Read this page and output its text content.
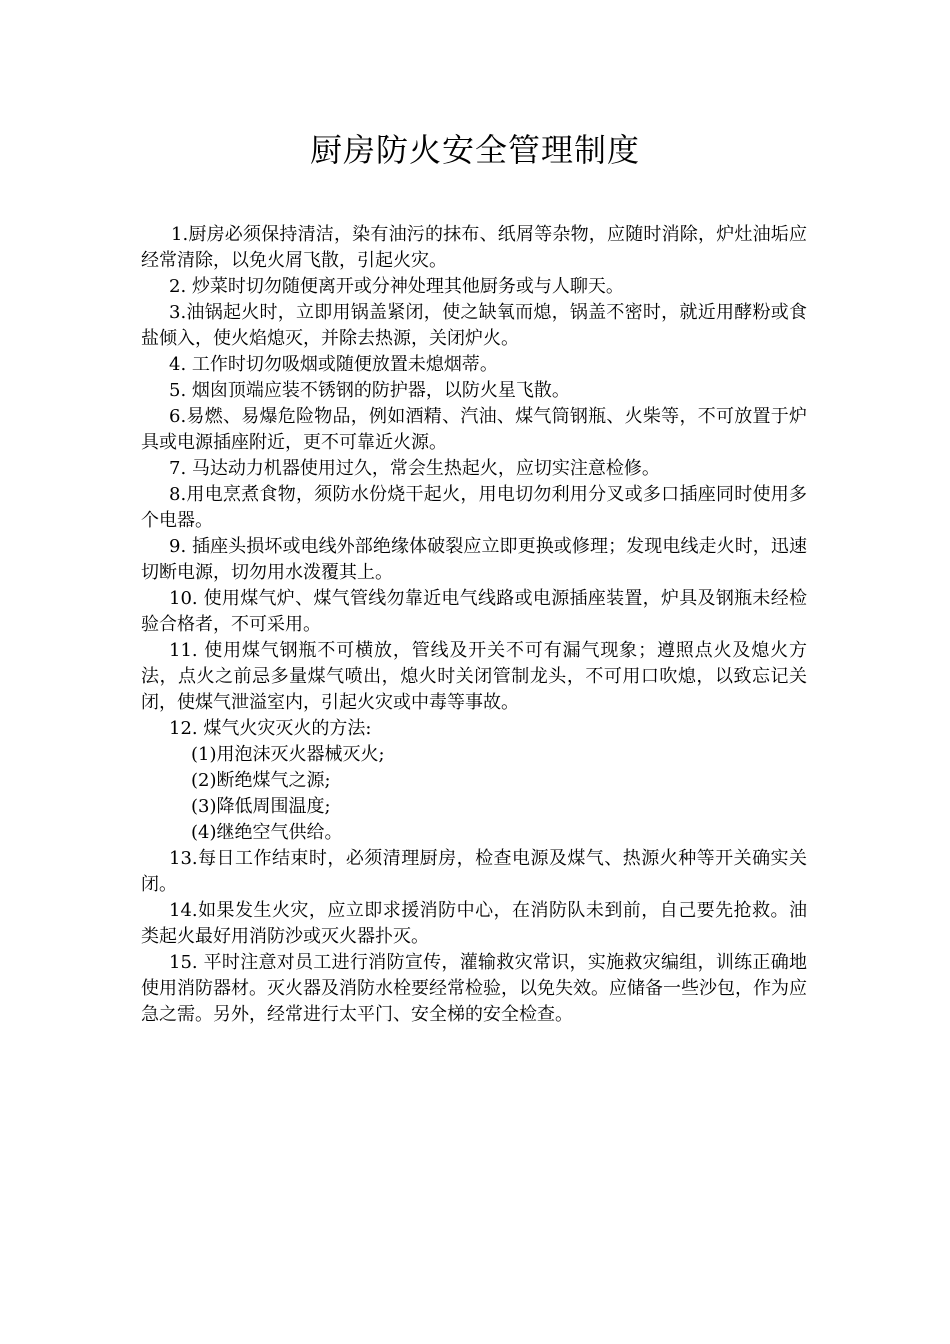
厨房防火安全管理制度

1.厨房必须保持清洁，染有油污的抹布、纸屑等杂物，应随时消除，炉灶油垢应经常清除，以免火屑飞散，引起火灾。

2. 炒菜时切勿随便离开或分神处理其他厨务或与人聊天。

3.油锅起火时，立即用锅盖紧闭，使之缺氧而熄，锅盖不密时，就近用酵粉或食盐倾入，使火焰熄灭，并除去热源，关闭炉火。

4. 工作时切勿吸烟或随便放置未熄烟蒂。

5. 烟囱顶端应装不锈钢的防护器，以防火星飞散。

6.易燃、易爆危险物品，例如酒精、汽油、煤气筒钢瓶、火柴等，不可放置于炉具或电源插座附近，更不可靠近火源。

7. 马达动力机器使用过久，常会生热起火，应切实注意检修。

8.用电烹煮食物，须防水份烧干起火，用电切勿利用分叉或多口插座同时使用多个电器。

9. 插座头损坏或电线外部绝缘体破裂应立即更换或修理；发现电线走火时，迅速切断电源，切勿用水泼覆其上。

10. 使用煤气炉、煤气管线勿靠近电气线路或电源插座装置，炉具及钢瓶未经检验合格者，不可采用。

11. 使用煤气钢瓶不可横放，管线及开关不可有漏气现象；遵照点火及熄火方法，点火之前忌多量煤气喷出，熄火时关闭管制龙头，不可用口吹熄，以致忘记关闭，使煤气泄溢室内，引起火灾或中毒等事故。

12. 煤气火灾灭火的方法:

(1)用泡沫灭火器械灭火;

(2)断绝煤气之源;

(3)降低周围温度;

(4)继绝空气供给。

13.每日工作结束时，必须清理厨房，检查电源及煤气、热源火种等开关确实关闭。

14.如果发生火灾，应立即求援消防中心，在消防队未到前，自己要先抢救。油类起火最好用消防沙或灭火器扑灭。

15. 平时注意对员工进行消防宣传，灌输救灾常识，实施救灾编组，训练正确地使用消防器材。灭火器及消防水栓要经常检验，以免失效。应储备一些沙包，作为应急之需。另外，经常进行太平门、安全梯的安全检查。
